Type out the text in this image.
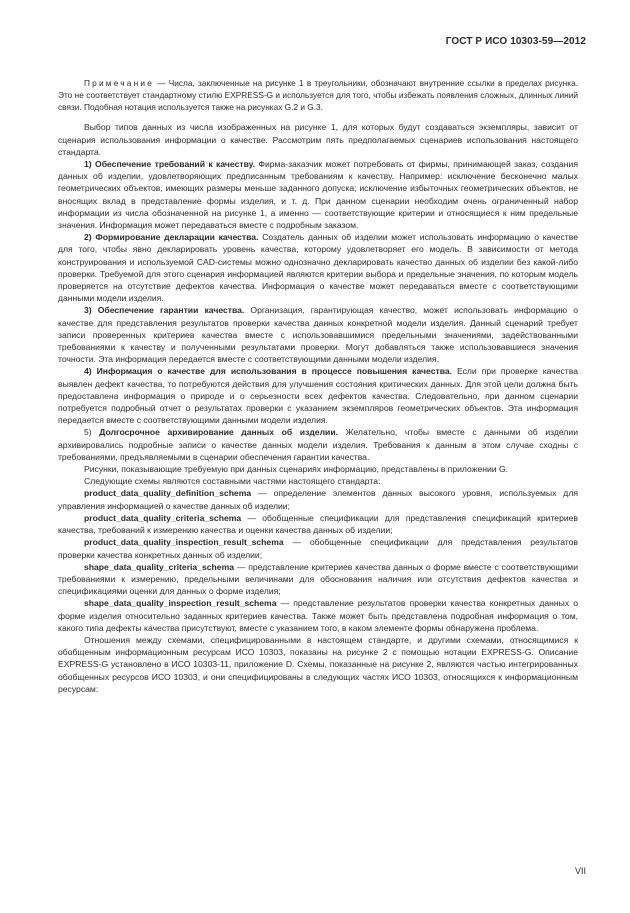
ГОСТ Р ИСО 10303-59—2012

Примечание — Числа, заключенные на рисунке 1 в треугольники, обозначают внутренние ссылки в пределах рисунка. Это не соответствует стандартному стилю EXPRESS-G и используется для того, чтобы избежать появления сложных, длинных линий связи. Подобная нотация используется также на рисунках G.2 и G.3.

Выбор типов данных из числа изображенных на рисунке 1, для которых будут создаваться экземпляры, зависит от сценария использования информации о качестве. Рассмотрим пять предполагаемых сценариев использования настоящего стандарта.

1) Обеспечение требований к качеству. Фирма-заказчик может потребовать от фирмы, принимающей заказ, создания данных об изделии, удовлетворяющих предписанным требованиям к качеству. Например: исключение бесконечно малых геометрических объектов, имеющих размеры меньше заданного допуска; исключение избыточных геометрических объектов, не вносящих вклад в представление формы изделия, и т. д. При данном сценарии необходим очень ограниченный набор информации из числа обозначенной на рисунке 1, а именно — соответствующие критерии и относящиеся к ним предельные значения. Информация может передаваться вместе с подробным заказом.

2) Формирование декларации качества. Создатель данных об изделии может использовать информацию о качестве для того, чтобы явно декларировать уровень качества, которому удовлетворяет его модель. В зависимости от метода конструирования и используемой CAD-системы можно однозначно декларировать качество данных об изделии без какой-либо проверки. Требуемой для этого сценария информацией являются критерии выбора и предельные значения, по которым модель проверяется на отсутствие дефектов качества. Информация о качестве может передаваться вместе с соответствующими данными модели изделия.

3) Обеспечение гарантии качества. Организация, гарантирующая качество, может использовать информацию о качестве для представления результатов проверки качества данных конкретной модели изделия. Данный сценарий требует записи проверенных критериев качества вместе с использовавшимися предельными значениями, задействованными требованиями к качеству и полученными результатами проверки. Могут добавляться также использовавшиеся значения точности. Эта информация передается вместе с соответствующими данными модели изделия.

4) Информация о качестве для использования в процессе повышения качества. Если при проверке качества выявлен дефект качества, то потребуются действия для улучшения состояния критических данных. Для этой цели должна быть предоставлена информация о природе и о серьезности всех дефектов качества. Следовательно, при данном сценарии потребуется подробный отчет о результатах проверки с указанием экземпляров геометрических объектов. Эта информация передается вместе с соответствующими данными модели изделия.

5) Долгосрочное архивирование данных об изделии. Желательно, чтобы вместе с данными об изделии архивировались подробные записи о качестве данных модели изделия. Требования к данным в этом случае сходны с требованиями, предъявляемыми в сценарии обеспечения гарантии качества.

Рисунки, показывающие требуемую при данных сценариях информацию, представлены в приложении G.

Следующие схемы являются составными частями настоящего стандарта:

product_data_quality_definition_schema — определение элементов данных высокого уровня, используемых для управления информацией о качестве данных об изделии;

product_data_quality_criteria_schema — обобщенные спецификации для представления спецификаций критериев качества, требований к измерению качества и оценки качества данных об изделии;

product_data_quality_inspection_result_schema — обобщенные спецификации для представления результатов проверки качества конкретных данных об изделии;

shape_data_quality_criteria_schema — представление критериев качества данных о форме вместе с соответствующими требованиями к измерению, предельными величинами для обоснования наличия или отсутствия дефектов качества и спецификациями оценки для данных о форме изделия;

shape_data_quality_inspection_result_schema — представление результатов проверки качества конкретных данных о форме изделия относительно заданных критериев качества. Также может быть представлена подробная информация о том, какого типа дефекты качества присутствуют, вместе с указанием того, в каком элементе формы обнаружена проблема.

Отношения между схемами, специфицированными в настоящем стандарте, и другими схемами, относящимися к обобщенным информационным ресурсам ИСО 10303, показаны на рисунке 2 с помощью нотации EXPRESS-G. Описание EXPRESS-G установлено в ИСО 10303-11, приложение D. Схемы, показанные на рисунке 2, являются частью интегрированных обобщенных ресурсов ИСО 10303, и они специфицированы в следующих частях ИСО 10303, относящихся к информационным ресурсам:

VII
